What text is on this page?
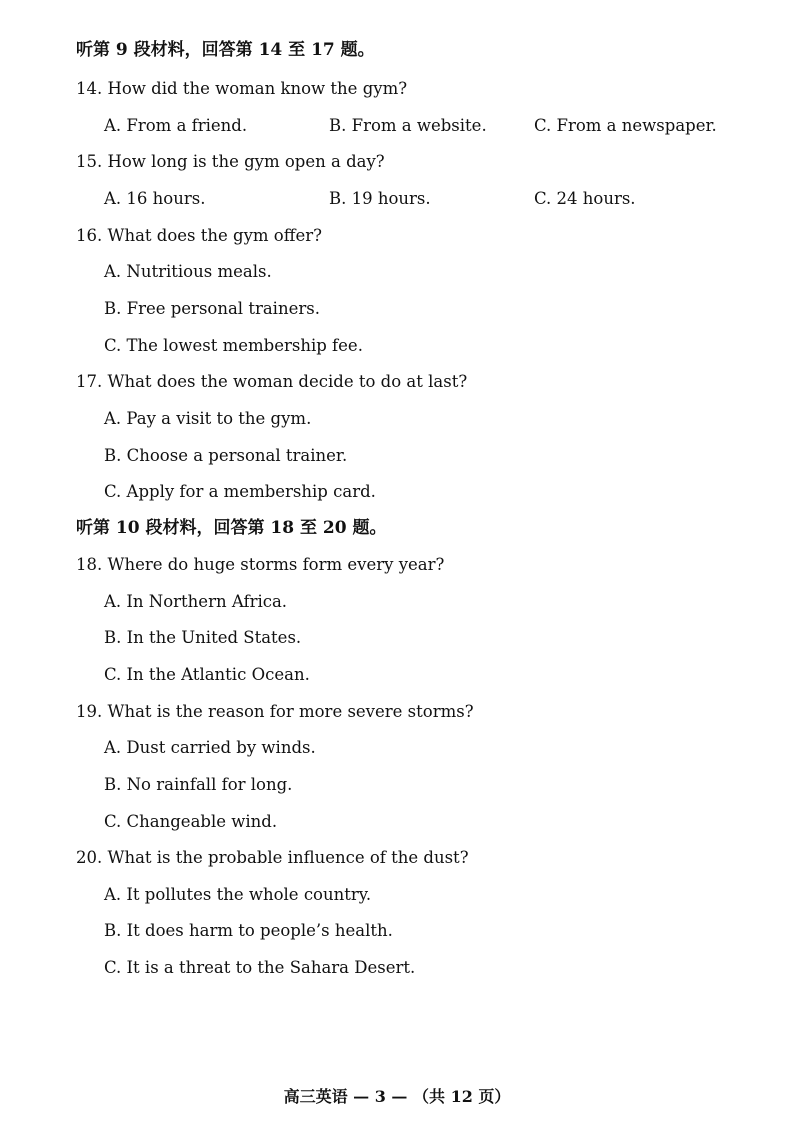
听第 9 段材料，回答第 14 至 17 题。
14. How did the woman know the gym?
A. From a friend.	B. From a website.	C. From a newspaper.
15. How long is the gym open a day?
A. 16 hours.	B. 19 hours.	C. 24 hours.
16. What does the gym offer?
A. Nutritious meals.
B. Free personal trainers.
C. The lowest membership fee.
17. What does the woman decide to do at last?
A. Pay a visit to the gym.
B. Choose a personal trainer.
C. Apply for a membership card.
听第 10 段材料，回答第 18 至 20 题。
18. Where do huge storms form every year?
A. In Northern Africa.
B. In the United States.
C. In the Atlantic Ocean.
19. What is the reason for more severe storms?
A. Dust carried by winds.
B. No rainfall for long.
C. Changeable wind.
20. What is the probable influence of the dust?
A. It pollutes the whole country.
B. It does harm to people’s health.
C. It is a threat to the Sahara Desert.
高三英语 — 3 — （共 12 页）
